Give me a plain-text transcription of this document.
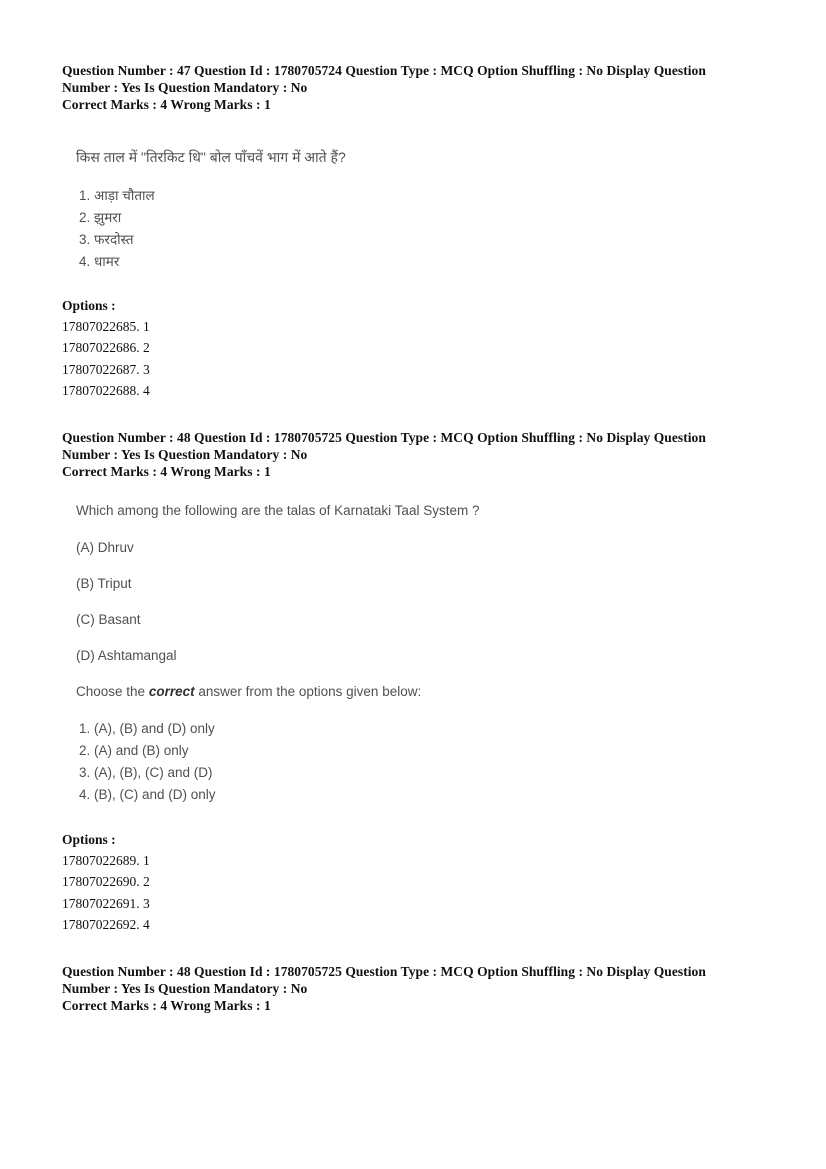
Question Number : 47 Question Id : 1780705724 Question Type : MCQ Option Shuffling : No Display Question
Number : Yes Is Question Mandatory : No
Correct Marks : 4 Wrong Marks : 1
किस ताल में "तिरकिट धि" बोल पाँचवें भाग में आते हैं?
1. आड़ा चौताल
2. झुमरा
3. फरदोस्त
4. धामर
Options :
17807022685. 1
17807022686. 2
17807022687. 3
17807022688. 4
Question Number : 48 Question Id : 1780705725 Question Type : MCQ Option Shuffling : No Display Question
Number : Yes Is Question Mandatory : No
Correct Marks : 4 Wrong Marks : 1
Which among the following are the talas of Karnataki Taal System ?
(A) Dhruv
(B) Triput
(C) Basant
(D) Ashtamangal
Choose the correct answer from the options given below:
1. (A), (B) and (D) only
2. (A) and (B) only
3. (A), (B), (C) and (D)
4. (B), (C) and (D) only
Options :
17807022689. 1
17807022690. 2
17807022691. 3
17807022692. 4
Question Number : 48 Question Id : 1780705725 Question Type : MCQ Option Shuffling : No Display Question
Number : Yes Is Question Mandatory : No
Correct Marks : 4 Wrong Marks : 1
